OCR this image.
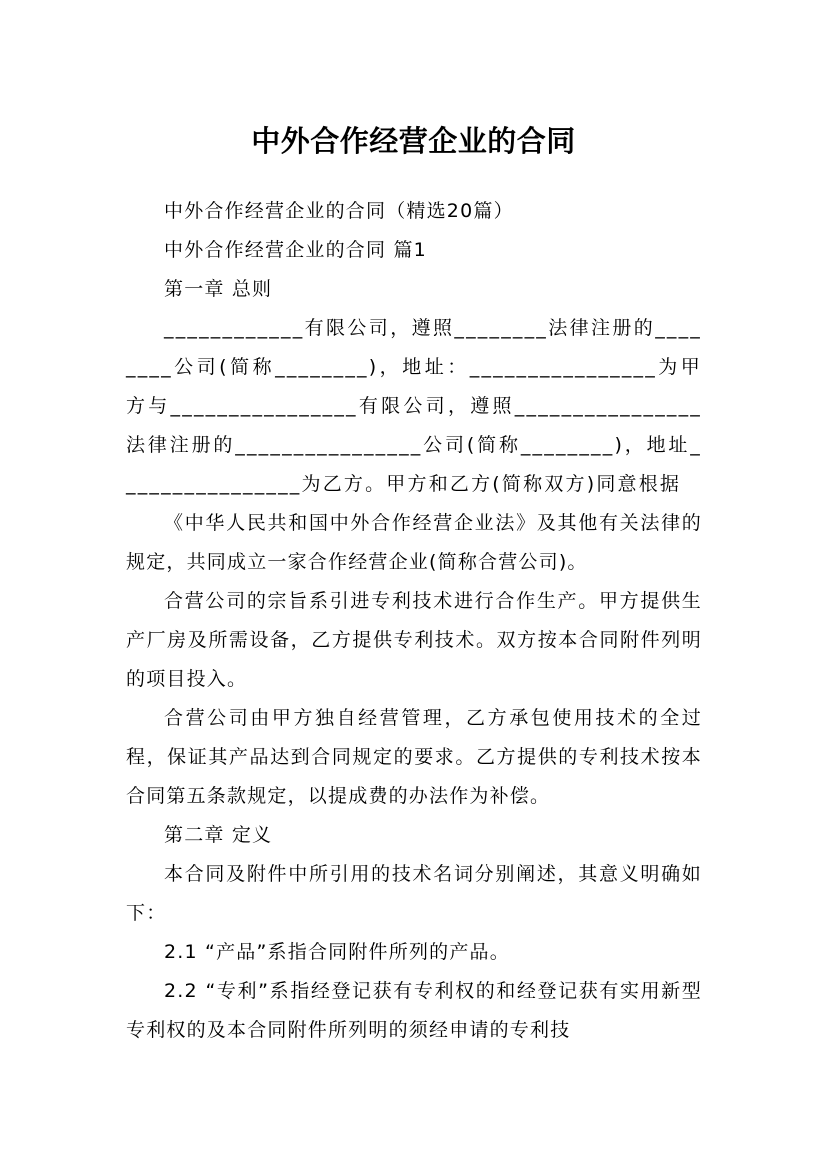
中外合作经营企业的合同

中外合作经营企业的合同（精选20篇）

中外合作经营企业的合同 篇1

第一章 总则

____________有限公司，遵照________法律注册的________公司(简称________)，地址：________________为甲方与________________有限公司，遵照________________法律注册的________________公司(简称________)，地址________________为乙方。甲方和乙方(简称双方)同意根据

《中华人民共和国中外合作经营企业法》及其他有关法律的规定，共同成立一家合作经营企业(简称合营公司)。

合营公司的宗旨系引进专利技术进行合作生产。甲方提供生产厂房及所需设备，乙方提供专利技术。双方按本合同附件列明的项目投入。

合营公司由甲方独自经营管理，乙方承包使用技术的全过程，保证其产品达到合同规定的要求。乙方提供的专利技术按本合同第五条款规定，以提成费的办法作为补偿。

第二章 定义

本合同及附件中所引用的技术名词分别阐述，其意义明确如下：

2.1 “产品”系指合同附件所列的产品。

2.2 “专利”系指经登记获有专利权的和经登记获有实用新型专利权的及本合同附件所列明的须经申请的专利技
